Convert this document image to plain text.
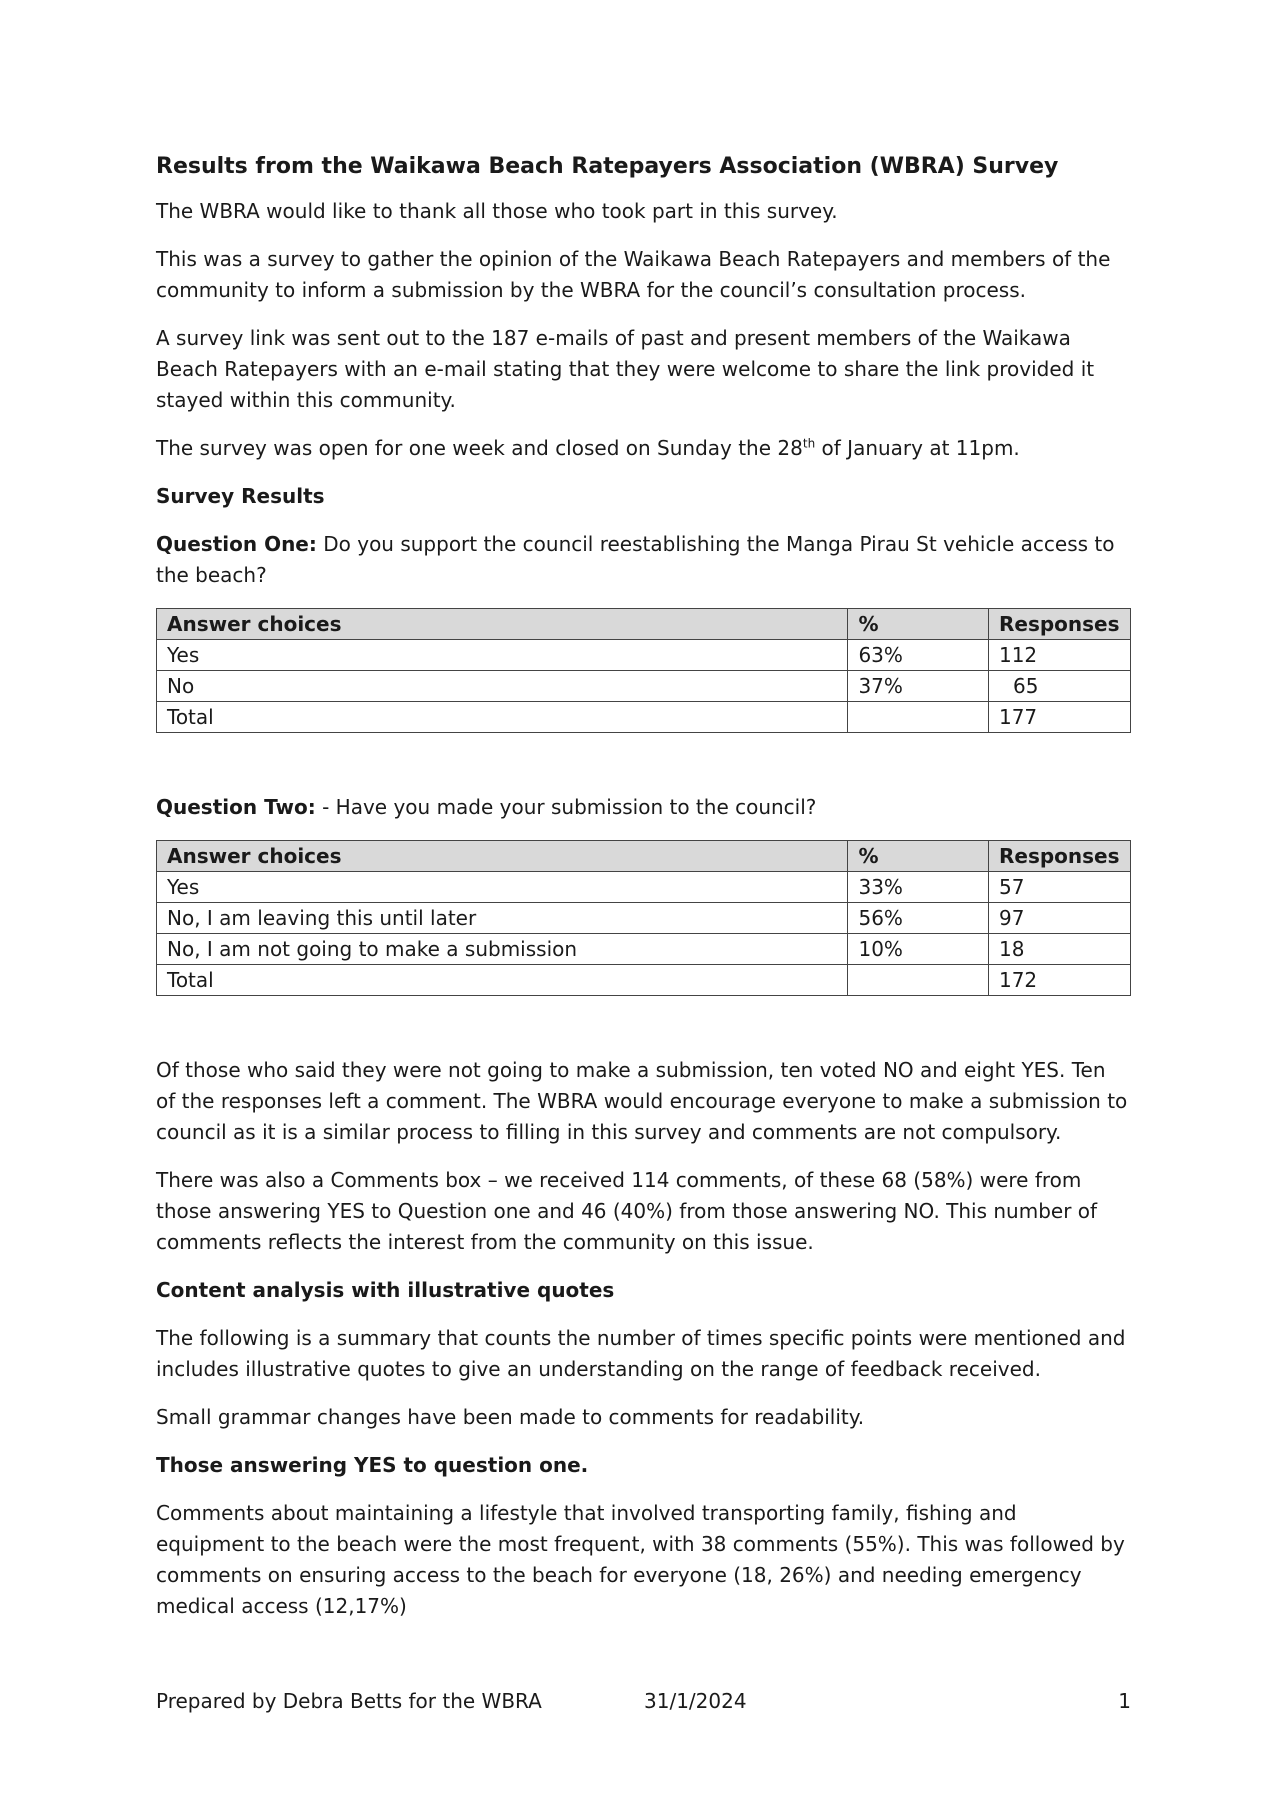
Results from the Waikawa Beach Ratepayers Association (WBRA) Survey

The WBRA would like to thank all those who took part in this survey.

This was a survey to gather the opinion of the Waikawa Beach Ratepayers and members of the community to inform a submission by the WBRA for the council’s consultation process.

A survey link was sent out to the 187 e-mails of past and present members of the Waikawa Beach Ratepayers with an e-mail stating that they were welcome to share the link provided it stayed within this community.

The survey was open for one week and closed on Sunday the 28th of January at 11pm.

Survey Results

Question One: Do you support the council reestablishing the Manga Pirau St vehicle access to the beach?

Answer choices	%	Responses
Yes	63%	112
No	37%	65
Total		177

Question Two: - Have you made your submission to the council?

Answer choices	%	Responses
Yes	33%	57
No, I am leaving this until later	56%	97
No, I am not going to make a submission	10%	18
Total		172

Of those who said they were not going to make a submission, ten voted NO and eight YES. Ten of the responses left a comment. The WBRA would encourage everyone to make a submission to council as it is a similar process to filling in this survey and comments are not compulsory.

There was also a Comments box – we received 114 comments, of these 68 (58%) were from those answering YES to Question one and 46 (40%) from those answering NO. This number of comments reflects the interest from the community on this issue.

Content analysis with illustrative quotes

The following is a summary that counts the number of times specific points were mentioned and includes illustrative quotes to give an understanding on the range of feedback received.

Small grammar changes have been made to comments for readability.

Those answering YES to question one.

Comments about maintaining a lifestyle that involved transporting family, fishing and equipment to the beach were the most frequent, with 38 comments (55%). This was followed by comments on ensuring access to the beach for everyone (18, 26%) and needing emergency medical access (12,17%)

Prepared by Debra Betts for the WBRA	31/1/2024	1
